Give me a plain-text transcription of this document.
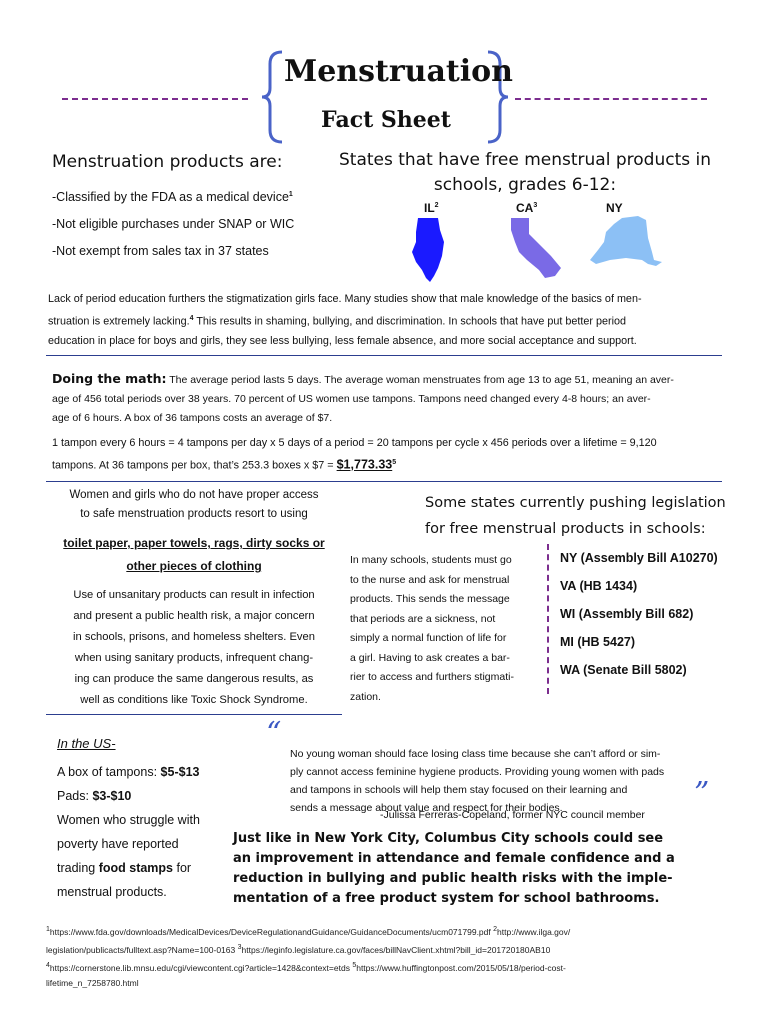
Menstruation
Fact Sheet
Menstruation products are:
-Classified by the FDA as a medical device$^1$
-Not eligible purchases under SNAP or WIC
-Not exempt from sales tax in 37 states
States that have free menstrual products in
schools, grades 6-12:
$IL^2$	$CA^3$	NY
Lack of period education furthers the stigmatization girls face. Many studies show that male knowledge of the basics of men-
struation is extremely lacking.$^4$ This results in shaming, bullying, and discrimination. In schools that have put better period
education in place for boys and girls, they see less bullying, less female absence, and more social acceptance and support.
Doing the math: The average period lasts 5 days. The average woman menstruates from age 13 to age 51, meaning an aver-
age of 456 total periods over 38 years. 70 percent of US women use tampons. Tampons need changed every 4-8 hours; an aver-
age of 6 hours. A box of 36 tampons costs an average of $7.
1 tampon every 6 hours = 4 tampons per day x 5 days of a period = 20 tampons per cycle x 456 periods over a lifetime = 9,120
tampons. At 36 tampons per box, that’s 253.3 boxes x $7 = $\$1,773.33^5$
Women and girls who do not have proper access
to safe menstruation products resort to using
toilet paper, paper towels, rags, dirty socks or
other pieces of clothing
Use of unsanitary products can result in infection
and present a public health risk, a major concern
in schools, prisons, and homeless shelters. Even
when using sanitary products, infrequent chang-
ing can produce the same dangerous results, as
well as conditions like Toxic Shock Syndrome.
Some states currently pushing legislation
for free menstrual products in schools:
In many schools, students must go
to the nurse and ask for menstrual
products. This sends the message
that periods are a sickness, not
simply a normal function of life for
a girl. Having to ask creates a bar-
rier to access and furthers stigmati-
zation.
NY (Assembly Bill A10270)
VA (HB 1434)
WI (Assembly Bill 682)
MI (HB 5427)
WA (Senate Bill 5802)
In the US-
A box of tampons: $5-$13
Pads: $3-$10
Women who struggle with
poverty have reported
trading food stamps for
menstrual products.
“
No young woman should face losing class time because she can’t afford or sim-
ply cannot access feminine hygiene products. Providing young women with pads
and tampons in schools will help them stay focused on their learning and
sends a message about value and respect for their bodies.
-Julissa Ferreras-Copeland, former NYC council member
”
Just like in New York City, Columbus City schools could see
an improvement in attendance and female confidence and a
reduction in bullying and public health risks with the imple-
mentation of a free product system for school bathrooms.
$^1$https://www.fda.gov/downloads/MedicalDevices/DeviceRegulationandGuidance/GuidanceDocuments/ucm071799.pdf $^2$http://www.ilga.gov/
legislation/publicacts/fulltext.asp?Name=100-0163 $^3$https://leginfo.legislature.ca.gov/faces/billNavClient.xhtml?bill_id=201720180AB10
$^4$https://cornerstone.lib.mnsu.edu/cgi/viewcontent.cgi?article=1428&context=etds $^5$https://www.huffingtonpost.com/2015/05/18/period-cost-
lifetime_n_7258780.html
